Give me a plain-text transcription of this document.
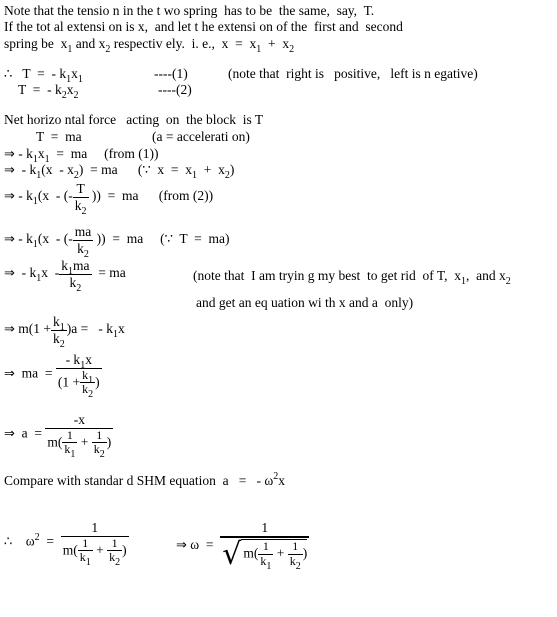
Note that the tensio n in the t wo spring  has to be  the same,  say,  T.
If the tot al extensi on is x,  and let t he extensi on of the  first and  second
spring be  $x_1$ and $x_2$ respectiv ely.  i. e.,  $x = x_1 + x_2$
∴ T  =  - $k_1x_1$	----(1)	(note that  right is   positive,   left is n egative)
T  =  - $k_2x_2$	----(2)
Net horizo ntal force   acting  on  the block  is T
T  =  ma	(a = accelerati on)
⇒ - $k_1x_1$  =  ma     (from (1))
⇒  - $k_1(x - x_2)$  = ma      (∵  $x = x_1 + x_2$)
⇒ - $k_1(x$  - (- $\frac{T}{k_2}$ ))  =  ma      (from (2))
⇒ - $k_1(x$  - (- $\frac{ma}{k_2}$ ))  =  ma     (∵  T  =  ma)
⇒  - $k_1x - \frac{k_1ma}{k_2}$ = ma	(note that  I am tryin g my best  to get rid  of T,  $x_1$,  and $x_2$
and get an eq uation wi th x and a  only)
⇒ $m(1 + \frac{k_1}{k_2} )a$ =   - $k_1x$
⇒  ma  = $\frac{- k_1x}{(1 + \frac{k_1}{k_2} )}$
⇒  $a = \frac{-x}{m( \frac{1}{k_1} + \frac{1}{k_2} )}$
Compare with standar d SHM equation  a   =   - $\omega^2x$
∴ $\omega^2 = \frac{1}{m( \frac{1}{k_1} + \frac{1}{k_2} )}$	⇒ $\omega = \frac{1}{√ m( \frac{1}{k_1} + \frac{1}{k_2} )}$
